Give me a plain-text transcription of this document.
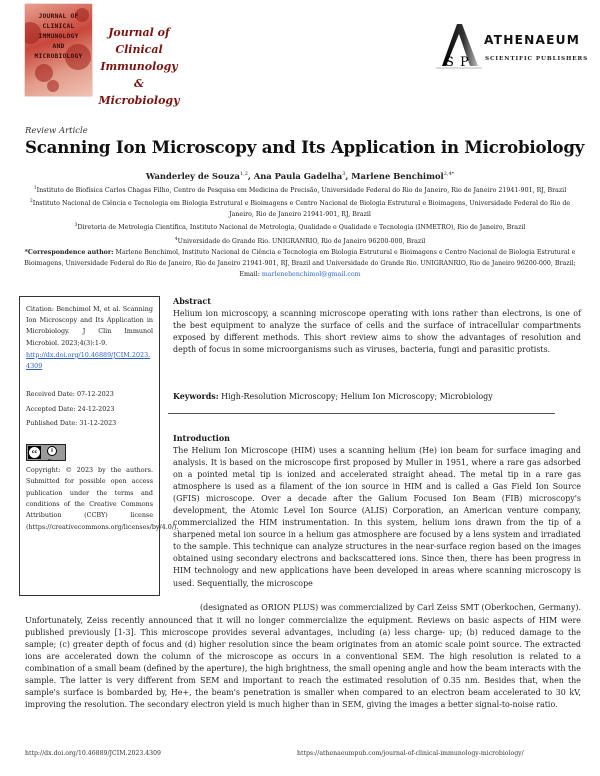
JOURNAL OF
CLINICAL
IMMUNOLOGY
AND
MICROBIOLOGY
Journal of Clinical
Immunology &
Microbiology
S P
ATHENAEUM
SCIENTIFIC PUBLISHERS
Review Article
Scanning Ion Microscopy and Its Application in Microbiology
Wanderley de Souza$^{1,2}$, Ana Paula Gadelha$^3$, Marlene Benchimol$^{2,4*}$
$^1$Instituto de Biofísica Carlos Chagas Filho, Centro de Pesquisa em Medicina de Precisão, Universidade Federal do Rio de Janeiro, Rio de Janeiro 21941-901, RJ, Brazil
$^2$Instituto Nacional de Ciência e Tecnologia em Biologia Estrutural e Bioimagens e Centro Nacional de Biologia Estrutural e Bioimagens, Universidade Federal do Rio de Janeiro, Rio de Janeiro 21941-901, RJ, Brazil
$^3$Diretoria de Metrologia Científica, Instituto Nacional de Metrologia, Qualidade e Qualidade e Tecnologia (INMETRO), Rio de Janeiro, Brazil
$^4$Universidade do Grande Rio. UNIGRANRIO, Rio de Janeiro 96200-000, Brazil
*Correspondence author: Marlene Benchimol, Instituto Nacional de Ciência e Tecnologia em Biologia Estrutural e Bioimagens e Centro Nacional de Biologia Estrutural e Bioimagens, Universidade Federal do Rio de Janeiro, Rio de Janeiro 21941-901, RJ, Brazil and Universidade do Grande Rio. UNIGRANRIO, Rio de Janeiro 96200-000, Brazil; Email: marlenebenchimol@gmail.com
Citation: Benchimol M, et al. Scanning Ion Microscopy and Its Application in Microbiology. J Clin Immunol Microbiol. 2023;4(3):1-9.
http://dx.doi.org/10.46889/JCIM.2023.4309
Received Date: 07-12-2023
Accepted Date: 24-12-2023
Published Date: 31-12-2023
cc	i
BY
Copyright: © 2023 by the authors. Submitted for possible open access publication under the terms and conditions of the Creative Commons Attribution (CCBY) license (https://creativecommons.org/licenses/by/4.0/).
Abstract
Helium ion microscopy, a scanning microscope operating with ions rather than electrons, is one of the best equipment to analyze the surface of cells and the surface of intracellular compartments exposed by different methods. This short review aims to show the advantages of resolution and depth of focus in some microorganisms such as viruses, bacteria, fungi and parasitic protists.
Keywords: High-Resolution Microscopy; Helium Ion Microscopy; Microbiology
Introduction
The Helium Ion Microscope (HIM) uses a scanning helium (He) ion beam for surface imaging and analysis. It is based on the microscope first proposed by Muller in 1951, where a rare gas adsorbed on a pointed metal tip is ionized and accelerated straight ahead. The metal tip in a rare gas atmosphere is used as a filament of the ion source in HIM and is called a Gas Field Ion Source (GFIS) microscope. Over a decade after the Galium Focused Ion Beam (FIB) microscopy's development, the Atomic Level Ion Source (ALIS) Corporation, an American venture company, commercialized the HIM instrumentation. In this system, helium ions drawn from the tip of a sharpened metal ion source in a helium gas atmosphere are focused by a lens system and irradiated to the sample. This technique can analyze structures in the near-surface region based on the images obtained using secondary electrons and backscattered ions. Since then, there has been progress in HIM technology and new applications have been developed in areas where scanning microscopy is used. Sequentially, the microscope
(designated as ORION PLUS) was commercialized by Carl Zeiss SMT (Oberkochen, Germany).
Unfortunately, Zeiss recently announced that it will no longer commercialize the equipment. Reviews on basic aspects of HIM were published previously [1-3]. This microscope provides several advantages, including (a) less charge- up; (b) reduced damage to the sample; (c) greater depth of focus and (d) higher resolution since the beam originates from an atomic scale point source. The extracted ions are accelerated down the column of the microscope as occurs in a conventional SEM. The high resolution is related to a combination of a small beam (defined by the aperture), the high brightness, the small opening angle and how the beam interacts with the sample. The latter is very different from SEM and important to reach the estimated resolution of 0.35 nm. Besides that, when the sample's surface is bombarded by, He+, the beam's penetration is smaller when compared to an electron beam accelerated to 30 kV, improving the resolution. The secondary electron yield is much higher than in SEM, giving the images a better signal-to-noise ratio.
http://dx.doi.org/10.46889/JCIM.2023.4309	https://athenaeumpub.com/journal-of-clinical-immunology-microbiology/
